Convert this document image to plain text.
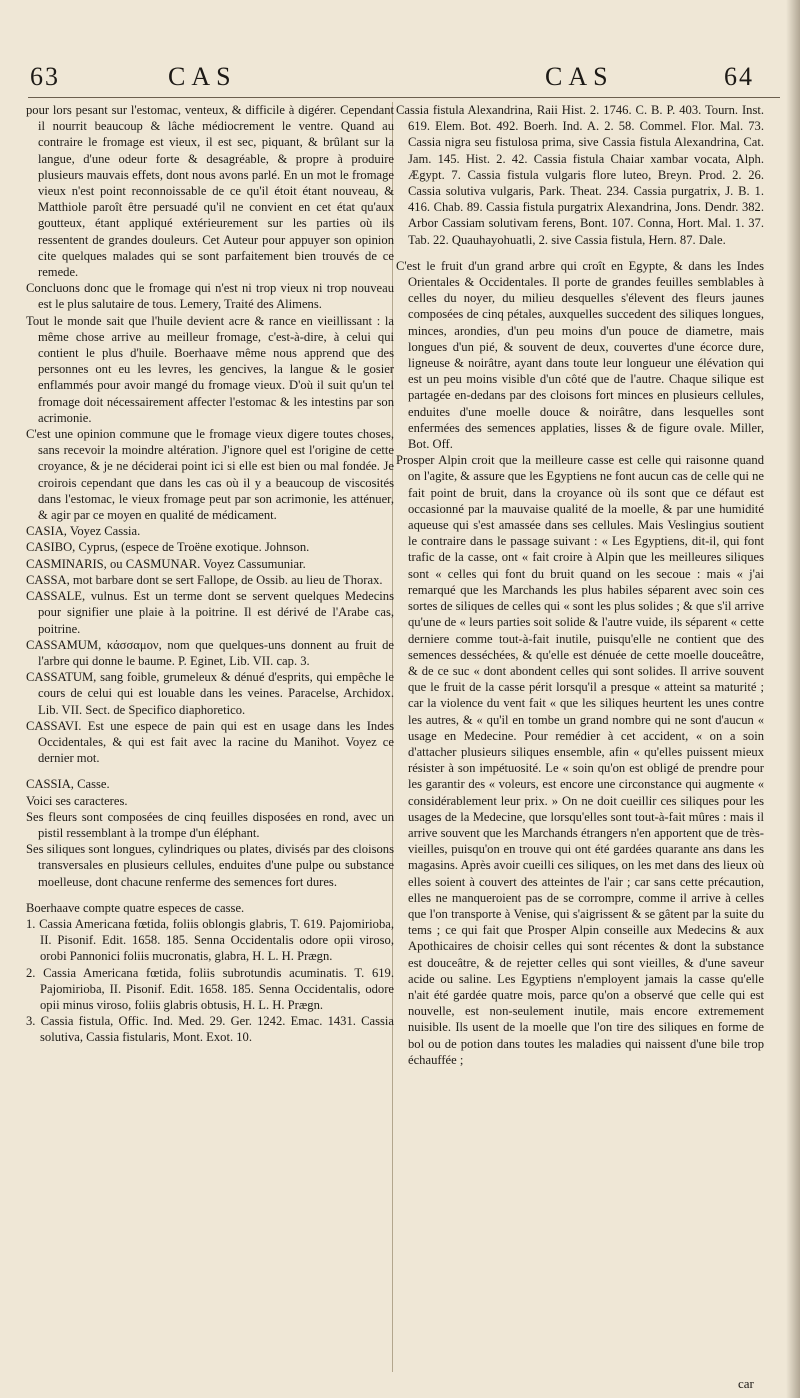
63	CAS	CAS	64
pour lors pesant sur l'estomac, venteux, & difficile à digérer. Cependant il nourrit beaucoup & lâche médiocrement le ventre. Quand au contraire le fromage est vieux, il est sec, piquant, & brûlant sur la langue, d'une odeur forte & desagréable, & propre à produire plusieurs mauvais effets, dont nous avons parlé. En un mot le fromage vieux n'est point reconnoissable de ce qu'il étoit étant nouveau, & Matthiole paroît être persuadé qu'il ne convient en cet état qu'aux goutteux, étant appliqué extérieurement sur les parties où ils ressentent de grandes douleurs. Cet Auteur pour appuyer son opinion cite quelques malades qui se sont parfaitement bien trouvés de ce remede.
Concluons donc que le fromage qui n'est ni trop vieux ni trop nouveau est le plus salutaire de tous. Lemery, Traité des Alimens.
Tout le monde sait que l'huile devient acre & rance en vieillissant : la même chose arrive au meilleur fromage, c'est-à-dire, à celui qui contient le plus d'huile. Boerhaave même nous apprend que des personnes ont eu les levres, les gencives, la langue & le gosier enflammés pour avoir mangé du fromage vieux. D'où il suit qu'un tel fromage doit nécessairement affecter l'estomac & les intestins par son acrimonie.
C'est une opinion commune que le fromage vieux digere toutes choses, sans recevoir la moindre altération. J'ignore quel est l'origine de cette croyance, & je ne déciderai point ici si elle est bien ou mal fondée. Je croirois cependant que dans les cas où il y a beaucoup de viscosités dans l'estomac, le vieux fromage peut par son acrimonie, les atténuer, & agir par ce moyen en qualité de médicament.
CASIA, Voyez Cassia.
CASIBO, Cyprus, (espece de Troëne exotique. Johnson.
CASMINARIS, ou CASMUNAR. Voyez Cassumuniar.
CASSA, mot barbare dont se sert Fallope, de Ossib. au lieu de Thorax.
CASSALE, vulnus. Est un terme dont se servent quelques Medecins pour signifier une plaie à la poitrine. Il est dérivé de l'Arabe cas, poitrine.
CASSAMUM, κάσσαμον, nom que quelques-uns donnent au fruit de l'arbre qui donne le baume. P. Eginet, Lib. VII. cap. 3.
CASSATUM, sang foible, grumeleux & dénué d'esprits, qui empêche le cours de celui qui est louable dans les veines. Paracelse, Archidox. Lib. VII. Sect. de Specifico diaphoretico.
CASSAVI. Est une espece de pain qui est en usage dans les Indes Occidentales, & qui est fait avec la racine du Manihot. Voyez ce dernier mot.
CASSIA, Casse.
Voici ses caracteres.
Ses fleurs sont composées de cinq feuilles disposées en rond, avec un pistil ressemblant à la trompe d'un éléphant.
Ses siliques sont longues, cylindriques ou plates, divisés par des cloisons transversales en plusieurs cellules, enduites d'une pulpe ou substance moelleuse, dont chacune renferme des semences fort dures.
Boerhaave compte quatre especes de casse.
1. Cassia Americana fœtida, foliis oblongis glabris, T. 619. Pajomirioba, II. Pisonif. Edit. 1658. 185. Senna Occidentalis odore opii viroso, orobi Pannonici foliis mucronatis, glabra, H. L. H. Prægn.
2. Cassia Americana fœtida, foliis subrotundis acuminatis. T. 619. Pajomirioba, II. Pisonif. Edit. 1658. 185. Senna Occidentalis, odore opii minus viroso, foliis glabris obtusis, H. L. H. Prægn.
3. Cassia fistula, Offic. Ind. Med. 29. Ger. 1242. Emac. 1431. Cassia solutiva, Cassia fistularis, Mont. Exot. 10.
Cassia fistula Alexandrina, Raii Hist. 2. 1746. C. B. P. 403. Tourn. Inst. 619. Elem. Bot. 492. Boerh. Ind. A. 2. 58. Commel. Flor. Mal. 73. Cassia nigra seu fistulosa prima, sive Cassia fistula Alexandrina, Cat. Jam. 145. Hist. 2. 42. Cassia fistula Chaiar xambar vocata, Alph. Ægypt. 7. Cassia fistula vulgaris flore luteo, Breyn. Prod. 2. 26. Cassia solutiva vulgaris, Park. Theat. 234. Cassia purgatrix, J. B. 1. 416. Chab. 89. Cassia fistula purgatrix Alexandrina, Jons. Dendr. 382. Arbor Cassiam solutivam ferens, Bont. 107. Conna, Hort. Mal. 1. 37. Tab. 22. Quauhayohuatli, 2. sive Cassia fistula, Hern. 87. Dale.
C'est le fruit d'un grand arbre qui croît en Egypte, & dans les Indes Orientales & Occidentales. Il porte de grandes feuilles semblables à celles du noyer, du milieu desquelles s'élevent des fleurs jaunes composées de cinq pétales, auxquelles succedent des siliques longues, minces, arondies, d'un peu moins d'un pouce de diametre, mais longues d'un pié, & souvent de deux, couvertes d'une écorce dure, ligneuse & noirâtre, ayant dans toute leur longueur une élévation qui est un peu moins visible d'un côté que de l'autre. Chaque silique est partagée en-dedans par des cloisons fort minces en plusieurs cellules, enduites d'une moelle douce & noirâtre, dans lesquelles sont enfermées des semences applaties, lisses & de figure ovale. Miller, Bot. Off.
Prosper Alpin croit que la meilleure casse est celle qui raisonne quand on l'agite, & assure que les Egyptiens ne font aucun cas de celle qui ne fait point de bruit, dans la croyance où ils sont que ce défaut est occasionné par la mauvaise qualité de la moelle, & par une humidité aqueuse qui s'est amassée dans ses cellules. Mais Veslingius soutient le contraire dans le passage suivant : « Les Egyptiens, dit-il, qui font trafic de la casse, ont « fait croire à Alpin que les meilleures siliques sont « celles qui font du bruit quand on les secoue : mais « j'ai remarqué que les Marchands les plus habiles séparent avec soin ces sortes de siliques de celles qui « sont les plus solides ; & que s'il arrive qu'une de « leurs parties soit solide & l'autre vuide, ils séparent « cette derniere comme tout-à-fait inutile, puisqu'elle ne contient que des semences desséchées, & qu'elle est dénuée de cette moelle douceâtre, & de ce suc « dont abondent celles qui sont solides. Il arrive souvent que le fruit de la casse périt lorsqu'il a presque « atteint sa maturité ; car la violence du vent fait « que les siliques heurtent les unes contre les autres, & « qu'il en tombe un grand nombre qui ne sont d'aucun « usage en Medecine. Pour remédier à cet accident, « on a soin d'attacher plusieurs siliques ensemble, afin « qu'elles puissent mieux résister à son impétuosité. Le « soin qu'on est obligé de prendre pour les garantir des « voleurs, est encore une circonstance qui augmente « considérablement leur prix. » On ne doit cueillir ces siliques pour les usages de la Medecine, que lorsqu'elles sont tout-à-fait mûres : mais il arrive souvent que les Marchands étrangers n'en apportent que de très-vieilles, puisqu'on en trouve qui ont été gardées quarante ans dans les magasins. Après avoir cueilli ces siliques, on les met dans des lieux où elles soient à couvert des atteintes de l'air ; car sans cette précaution, elles ne manqueroient pas de se corrompre, comme il arrive à celles que l'on transporte à Venise, qui s'aigrissent & se gâtent par la suite du tems ; ce qui fait que Prosper Alpin conseille aux Medecins & aux Apothicaires de choisir celles qui sont récentes & dont la substance est douceâtre, & de rejetter celles qui sont vieilles, & d'une saveur acide ou saline. Les Egyptiens n'employent jamais la casse qu'elle n'ait été gardée quatre mois, parce qu'on a observé que celle qui est nouvelle, est non-seulement inutile, mais encore extremement nuisible. Ils usent de la moelle que l'on tire des siliques en forme de bol ou de potion dans toutes les maladies qui naissent d'une bile trop échauffée ;
car
